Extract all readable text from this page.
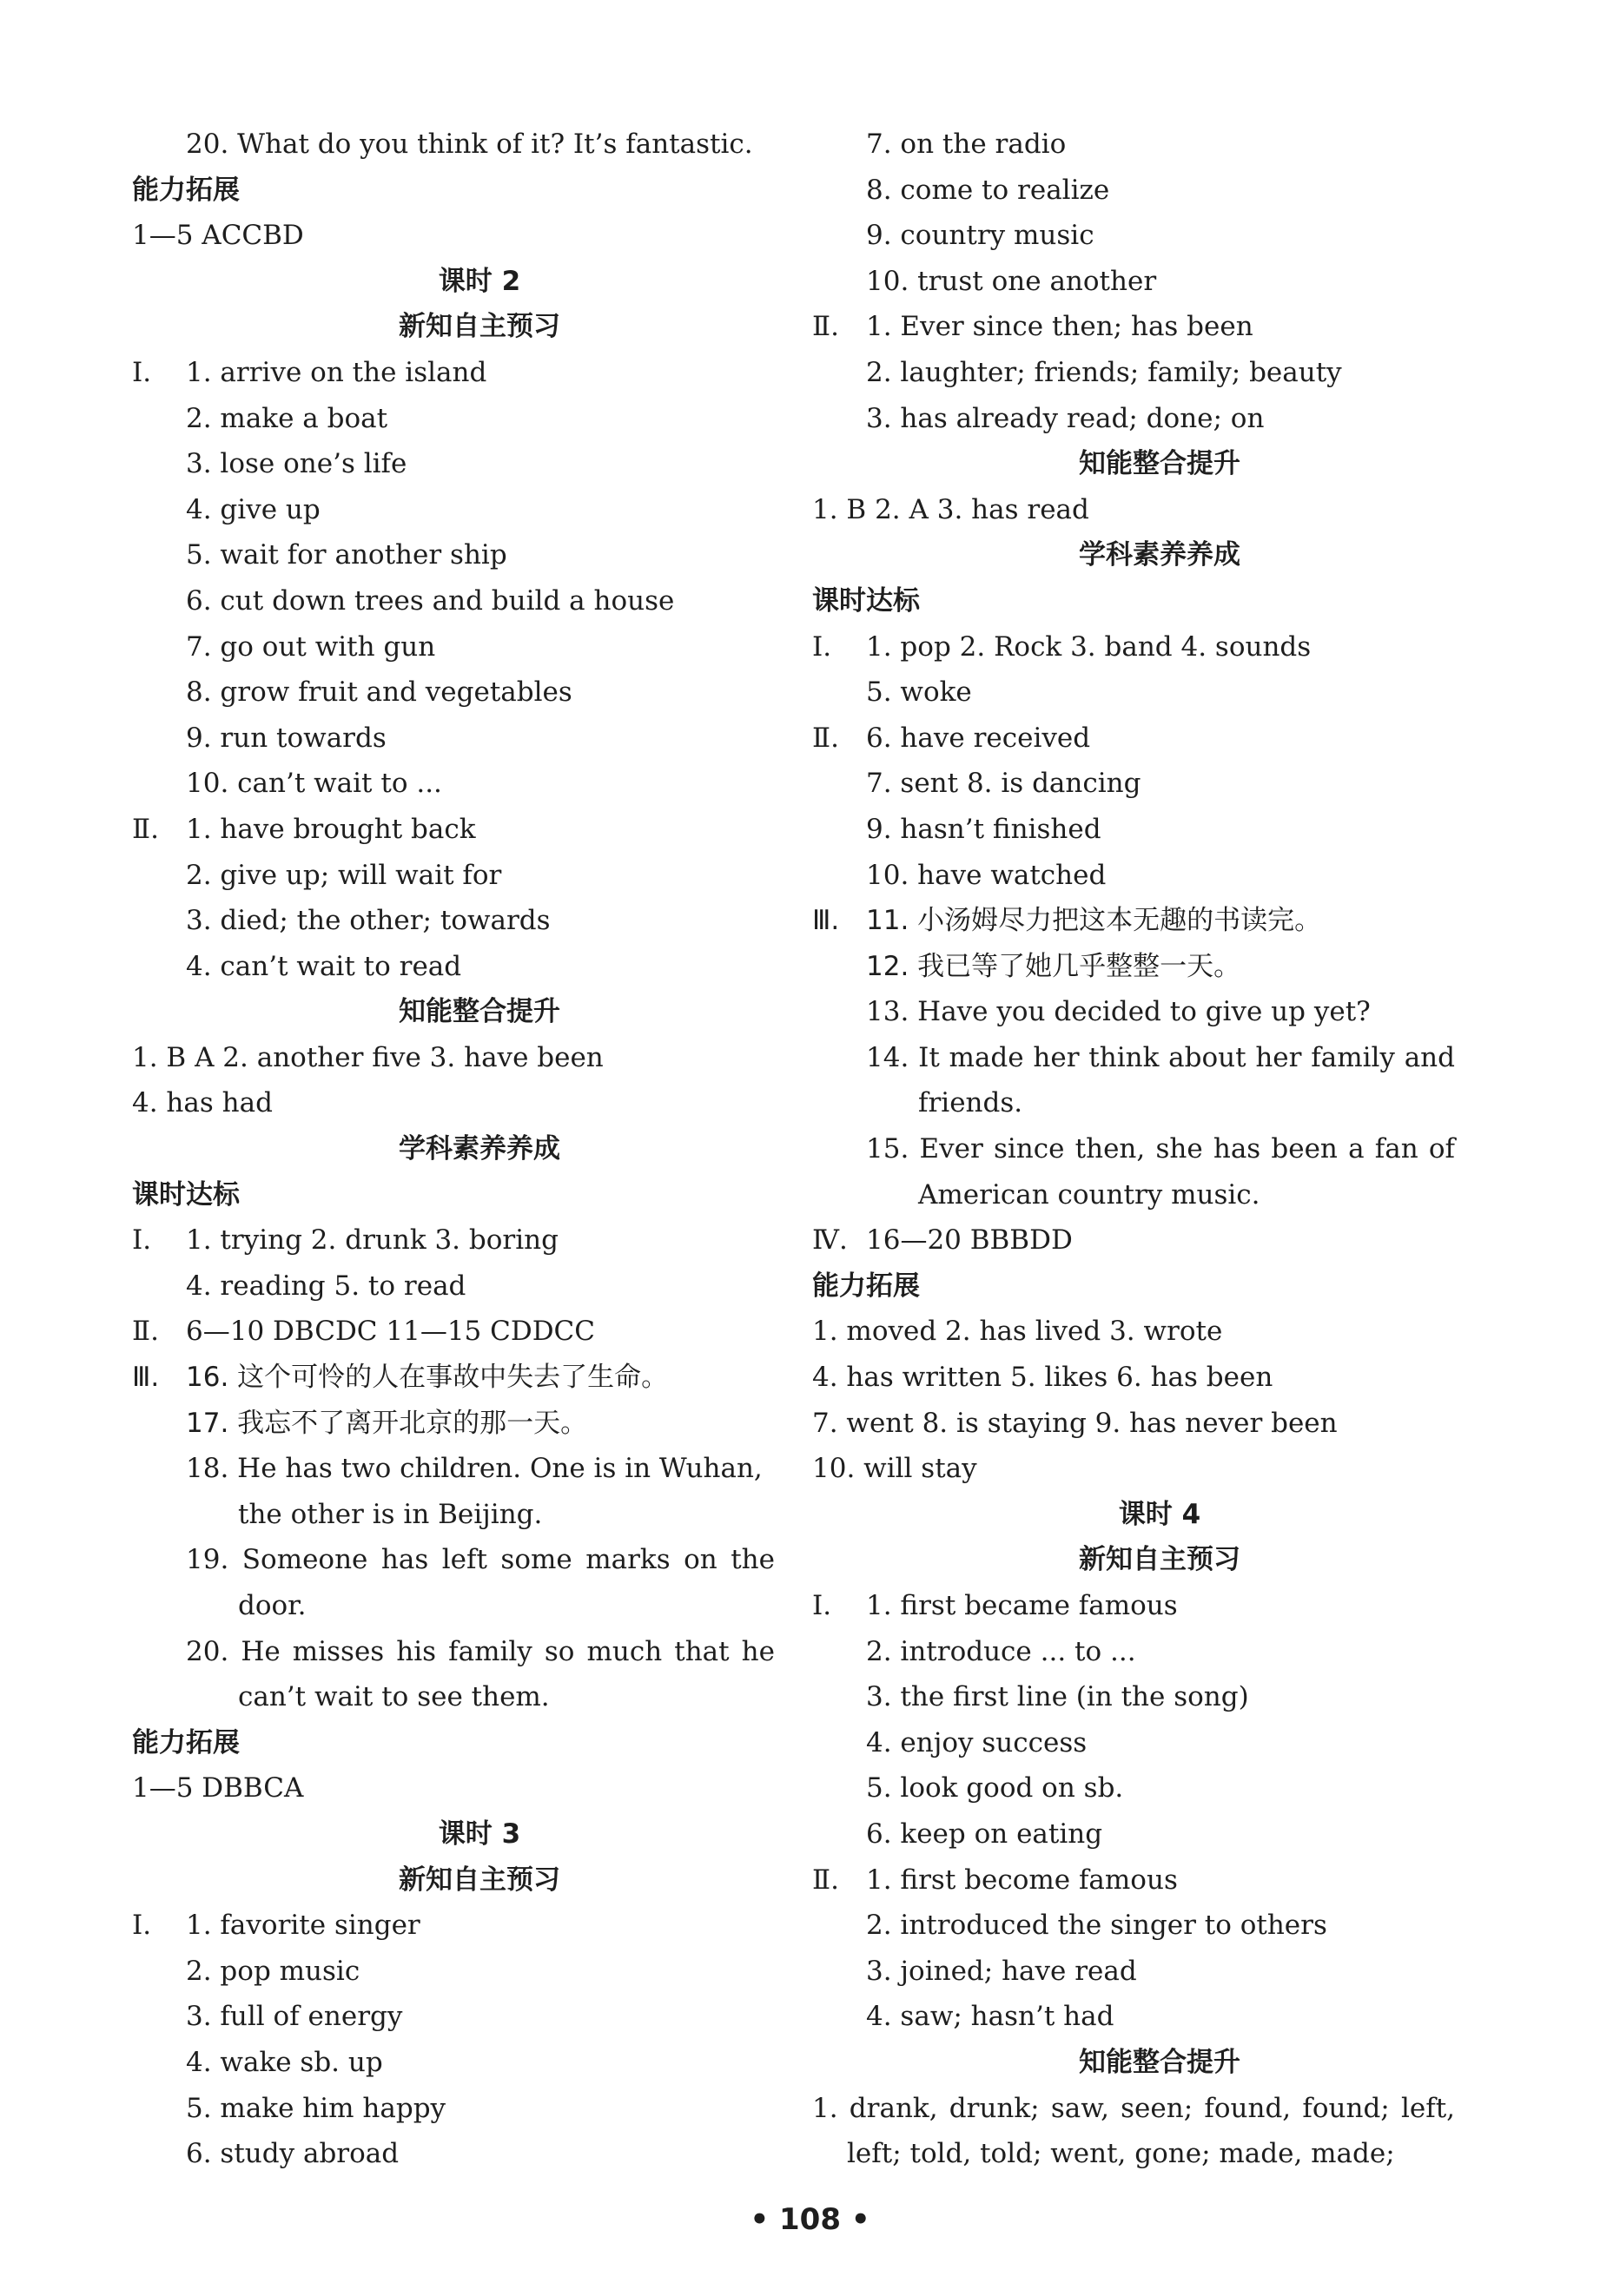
20. What do you think of it? It’s fantastic.
能力拓展
1—5 ACCBD
课时 2
新知自主预习
Ⅰ. 1. arrive on the island
2. make a boat
3. lose one’s life
4. give up
5. wait for another ship
6. cut down trees and build a house
7. go out with gun
8. grow fruit and vegetables
9. run towards
10. can’t wait to ...
Ⅱ. 1. have brought back
2. give up; will wait for
3. died; the other; towards
4. can’t wait to read
知能整合提升
1. B A 2. another five 3. have been
4. has had
学科素养养成
课时达标
Ⅰ. 1. trying 2. drunk 3. boring
4. reading 5. to read
Ⅱ. 6—10 DBCDC 11—15 CDDCC
Ⅲ. 16. 这个可怜的人在事故中失去了生命。
17. 我忘不了离开北京的那一天。
18. He has two children. One is in Wuhan,
the other is in Beijing.
19. Someone has left some marks on the
door.
20. He misses his family so much that he
can’t wait to see them.
能力拓展
1—5 DBBCA
课时 3
新知自主预习
Ⅰ. 1. favorite singer
2. pop music
3. full of energy
4. wake sb. up
5. make him happy
6. study abroad
7. on the radio
8. come to realize
9. country music
10. trust one another
Ⅱ. 1. Ever since then; has been
2. laughter; friends; family; beauty
3. has already read; done; on
知能整合提升
1. B 2. A 3. has read
学科素养养成
课时达标
Ⅰ. 1. pop 2. Rock 3. band 4. sounds
5. woke
Ⅱ. 6. have received
7. sent 8. is dancing
9. hasn’t finished
10. have watched
Ⅲ. 11. 小汤姆尽力把这本无趣的书读完。
12. 我已等了她几乎整整一天。
13. Have you decided to give up yet?
14. It made her think about her family and
friends.
15. Ever since then, she has been a fan of
American country music.
Ⅳ. 16—20 BBBDD
能力拓展
1. moved 2. has lived 3. wrote
4. has written 5. likes 6. has been
7. went 8. is staying 9. has never been
10. will stay
课时 4
新知自主预习
Ⅰ. 1. first became famous
2. introduce ... to ...
3. the first line (in the song)
4. enjoy success
5. look good on sb.
6. keep on eating
Ⅱ. 1. first become famous
2. introduced the singer to others
3. joined; have read
4. saw; hasn’t had
知能整合提升
1. drank, drunk; saw, seen; found, found; left,
left; told, told; went, gone; made, made;
• 108 •
